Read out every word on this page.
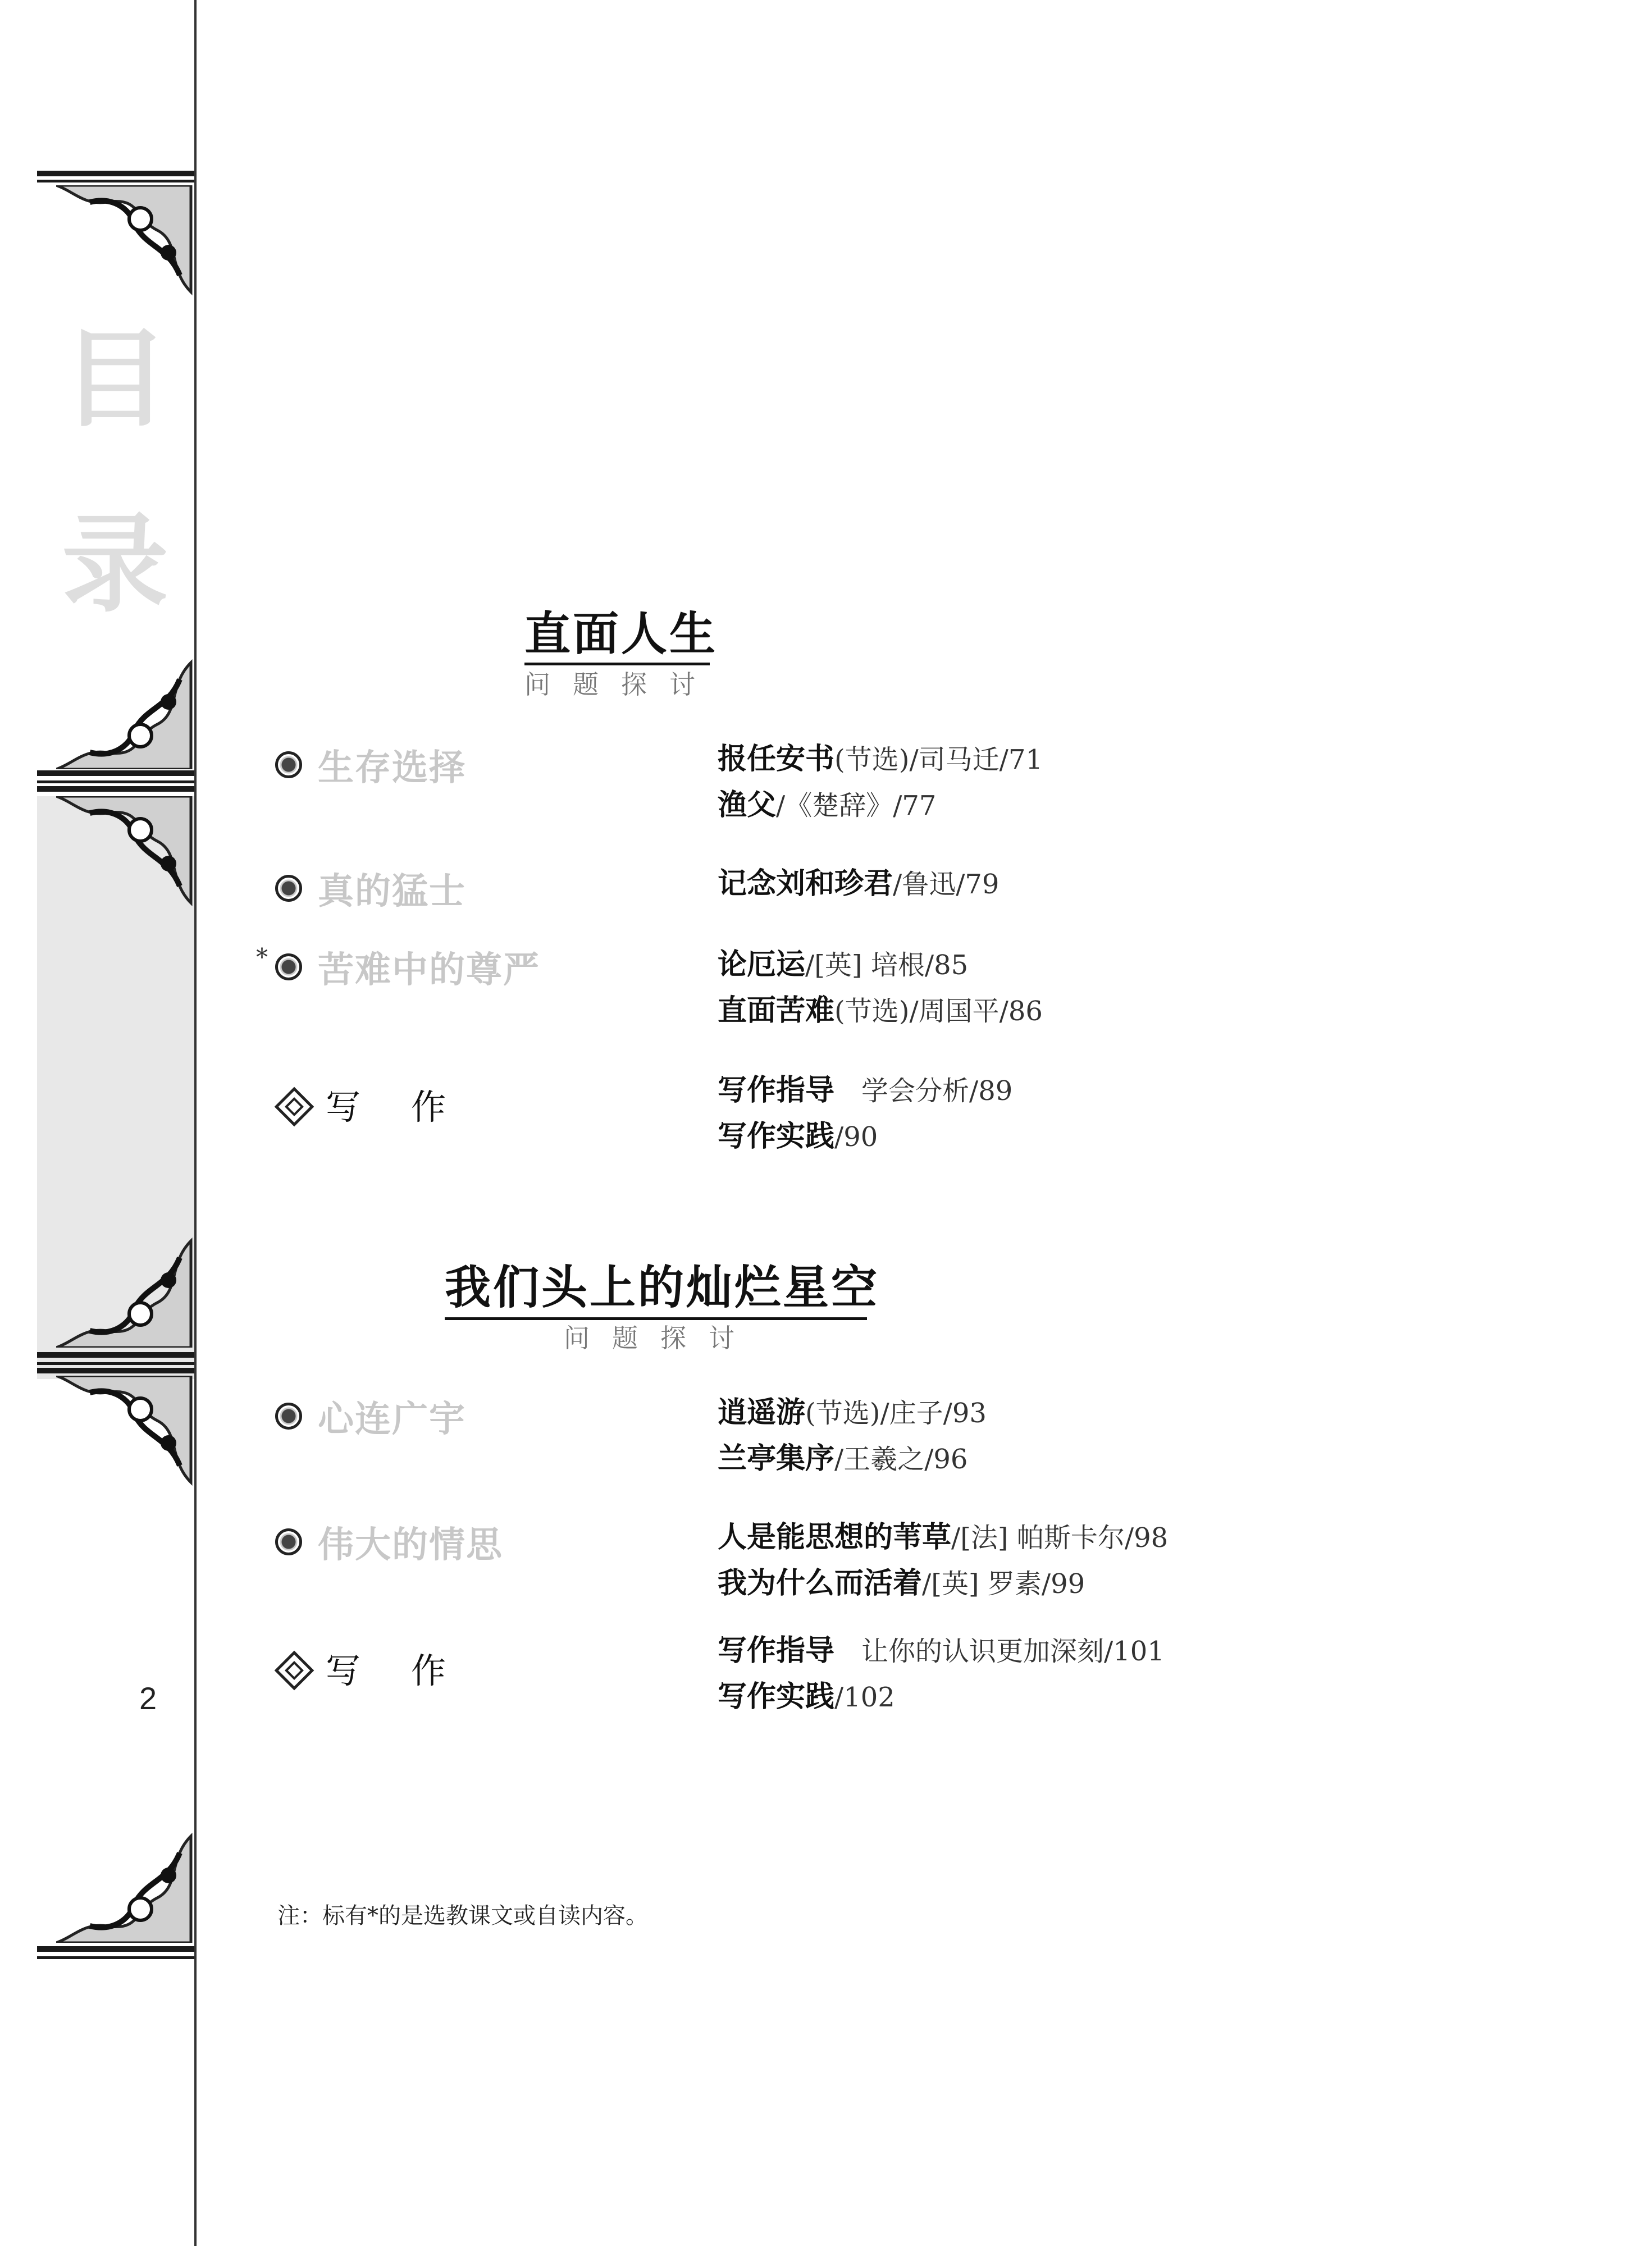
目
录
2
直面人生
问题探讨
生存选择	报任安书(节选)/司马迁/71
渔父/《楚辞》/77
真的猛士	记念刘和珍君/鲁迅/79
* 苦难中的尊严	论厄运/[英] 培根/85
直面苦难(节选)/周国平/86
写作	写作指导　学会分析/89
写作实践/90
我们头上的灿烂星空
问题探讨
心连广宇	逍遥游(节选)/庄子/93
兰亭集序/王羲之/96
伟大的情思	人是能思想的苇草/[法] 帕斯卡尔/98
我为什么而活着/[英] 罗素/99
写作	写作指导　让你的认识更加深刻/101
写作实践/102
注：标有*的是选教课文或自读内容。
